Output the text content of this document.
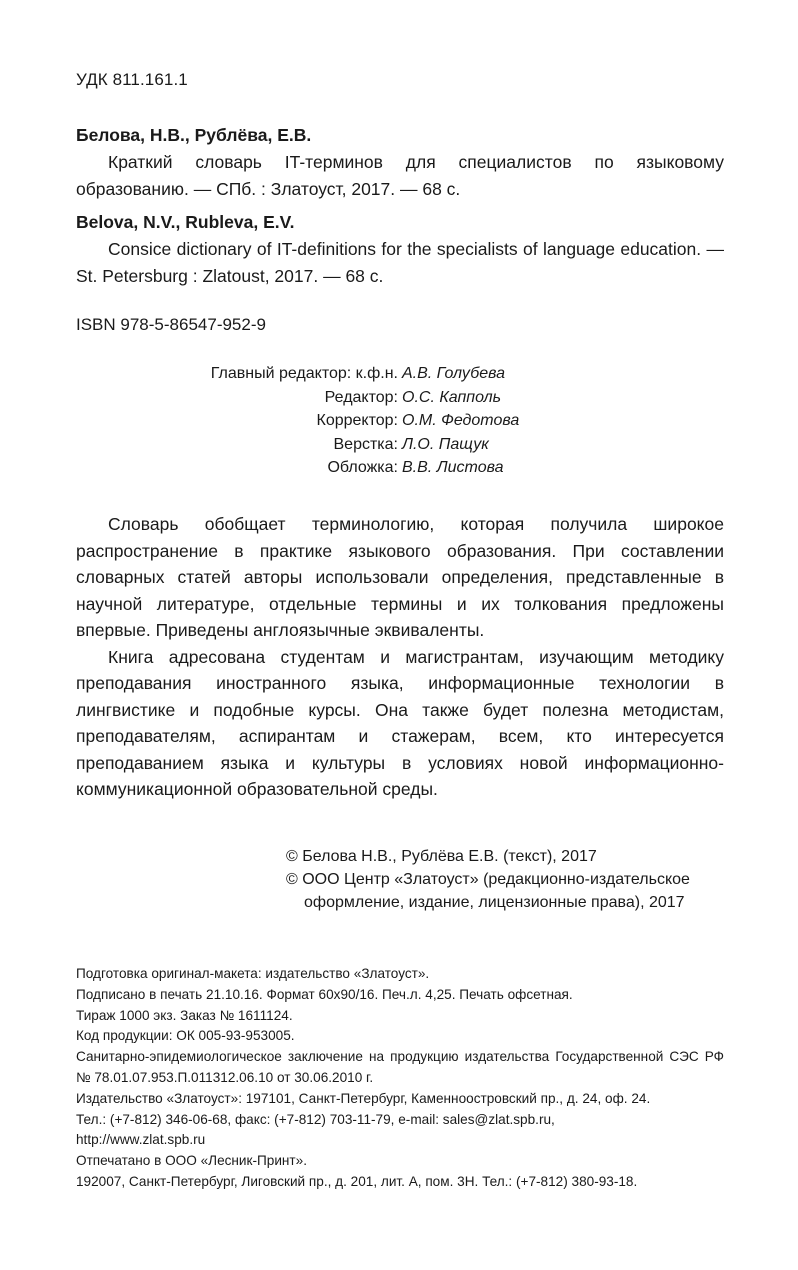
УДК 811.161.1
Белова, Н.В., Рублёва, Е.В.

Краткий словарь IT-терминов для специалистов по языковому образованию. — СПб. : Златоуст, 2017. — 68 с.

Belova, N.V., Rubleva, E.V.

Consice dictionary of IT-definitions for the specialists of language education. — St. Petersburg : Zlatoust, 2017. — 68 c.

ISBN 978-5-86547-952-9
Главный редактор: к.ф.н. А.В. Голубева
Редактор: О.С. Капполь
Корректор: О.М. Федотова
Верстка: Л.О. Пащук
Обложка: В.В. Листова

Словарь обобщает терминологию, которая получила широкое распространение в практике языкового образования. При составлении словарных статей авторы использовали определения, представленные в научной литературе, отдельные термины и их толкования предложены впервые. Приведены англоязычные эквиваленты.

Книга адресована студентам и магистрантам, изучающим методику преподавания иностранного языка, информационные технологии в лингвистике и подобные курсы. Она также будет полезна методистам, преподавателям, аспирантам и стажерам, всем, кто интересуется преподаванием языка и культуры в условиях новой информационно-коммуникационной образовательной среды.

© Белова Н.В., Рублёва Е.В. (текст), 2017
© ООО Центр «Златоуст» (редакционно-издательское оформление, издание, лицензионные права), 2017
Подготовка оригинал-макета: издательство «Златоуст».
Подписано в печать 21.10.16. Формат 60х90/16. Печ.л. 4,25. Печать офсетная.
Тираж 1000 экз. Заказ № 1611124.
Код продукции: ОК 005-93-953005.
Санитарно-эпидемиологическое заключение на продукцию издательства Государственной СЭС РФ № 78.01.07.953.П.011312.06.10 от 30.06.2010 г.
Издательство «Златоуст»: 197101, Санкт-Петербург, Каменноостровский пр., д. 24, оф. 24.
Тел.: (+7-812) 346-06-68, факс: (+7-812) 703-11-79, e-mail: sales@zlat.spb.ru,
http://www.zlat.spb.ru
Отпечатано в ООО «Лесник-Принт».
192007, Санкт-Петербург, Лиговский пр., д. 201, лит. А, пом. 3Н. Тел.: (+7-812) 380-93-18.
